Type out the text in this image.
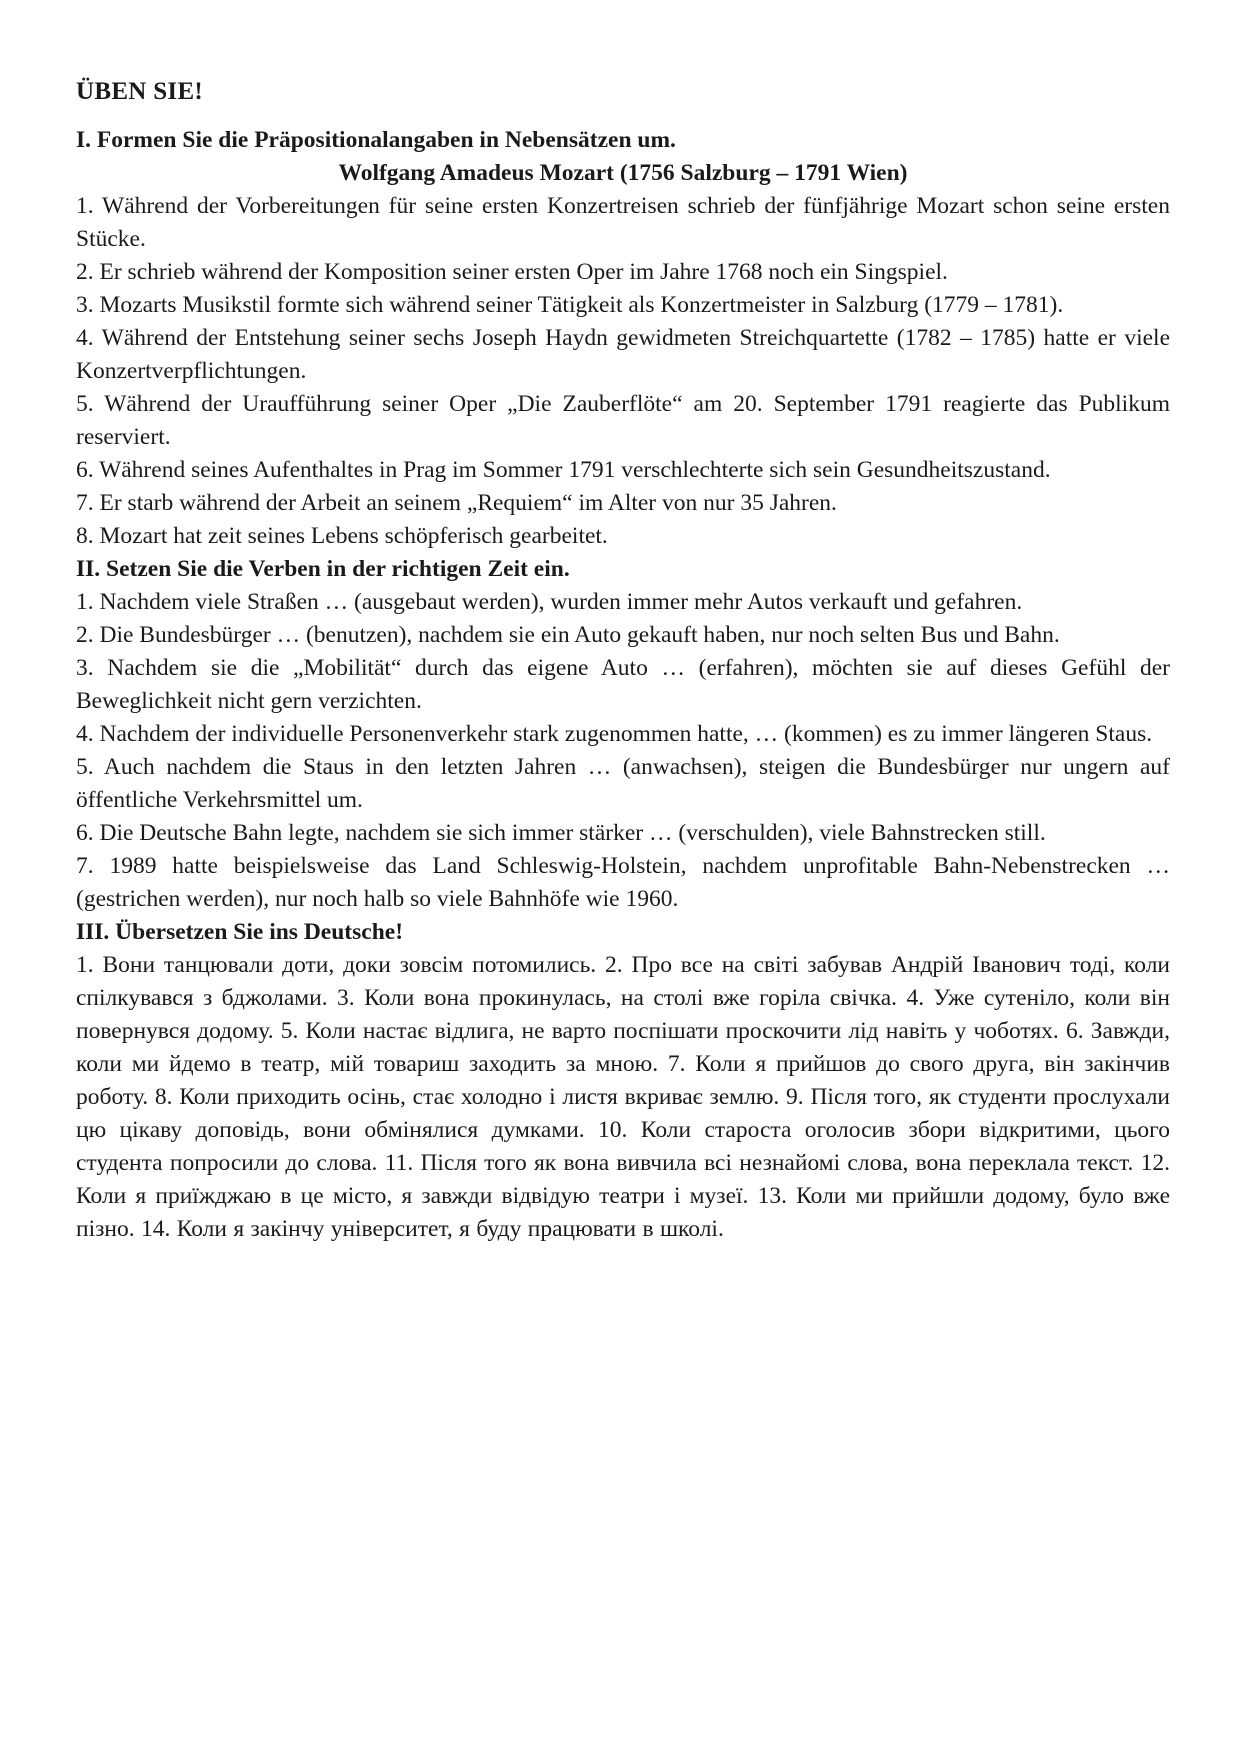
ÜBEN SIE!

I. Formen Sie die Präpositionalangaben in Nebensätzen um.

Wolfgang Amadeus Mozart (1756 Salzburg – 1791 Wien)

1. Während der Vorbereitungen für seine ersten Konzertreisen schrieb der fünfjährige Mozart schon seine ersten Stücke.

2. Er schrieb während der Komposition seiner ersten Oper im Jahre 1768 noch ein Singspiel.

3. Mozarts Musikstil formte sich während seiner Tätigkeit als Konzertmeister in Salzburg (1779 – 1781).

4. Während der Entstehung seiner sechs Joseph Haydn gewidmeten Streichquartette (1782 – 1785) hatte er viele Konzertverpflichtungen.

5. Während der Uraufführung seiner Oper „Die Zauberflöte“ am 20. September 1791 reagierte das Publikum reserviert.

6. Während seines Aufenthaltes in Prag im Sommer 1791 verschlechterte sich sein Gesundheitszustand.

7. Er starb während der Arbeit an seinem „Requiem“ im Alter von nur 35 Jahren.

8. Mozart hat zeit seines Lebens schöpferisch gearbeitet.

II. Setzen Sie die Verben in der richtigen Zeit ein.

1. Nachdem viele Straßen … (ausgebaut werden), wurden immer mehr Autos verkauft und gefahren.

2. Die Bundesbürger … (benutzen), nachdem sie ein Auto gekauft haben, nur noch selten Bus und Bahn.

3. Nachdem sie die „Mobilität“ durch das eigene Auto … (erfahren), möchten sie auf dieses Gefühl der Beweglichkeit nicht gern verzichten.

4. Nachdem der individuelle Personenverkehr stark zugenommen hatte, … (kommen) es zu immer längeren Staus.

5. Auch nachdem die Staus in den letzten Jahren … (anwachsen), steigen die Bundesbürger nur ungern auf öffentliche Verkehrsmittel um.

6. Die Deutsche Bahn legte, nachdem sie sich immer stärker … (verschulden), viele Bahnstrecken still.

7. 1989 hatte beispielsweise das Land Schleswig-Holstein, nachdem unprofitable Bahn-Nebenstrecken … (gestrichen werden), nur noch halb so viele Bahnhöfe wie 1960.

III. Übersetzen Sie ins Deutsche!

1. Вони танцювали доти, доки зовсім потомились. 2. Про все на світі забував Андрій Іванович тоді, коли спілкувався з бджолами. 3. Коли вона прокинулась, на столі вже горіла свічка. 4. Уже сутеніло, коли він повернувся додому. 5. Коли настає відлига, не варто поспішати проскочити лід навіть у чоботях. 6. Завжди, коли ми йдемо в театр, мій товариш заходить за мною. 7. Коли я прийшов до свого друга, він закінчив роботу. 8. Коли приходить осінь, стає холодно і листя вкриває землю. 9. Після того, як студенти прослухали цю цікаву доповідь, вони обмінялися думками. 10. Коли староста оголосив збори відкритими, цього студента попросили до слова. 11. Після того як вона вивчила всі незнайомі слова, вона переклала текст. 12. Коли я приїжджаю в це місто, я завжди відвідую театри і музеї. 13. Коли ми прийшли додому, було вже пізно. 14. Коли я закінчу університет, я буду працювати в школі.
